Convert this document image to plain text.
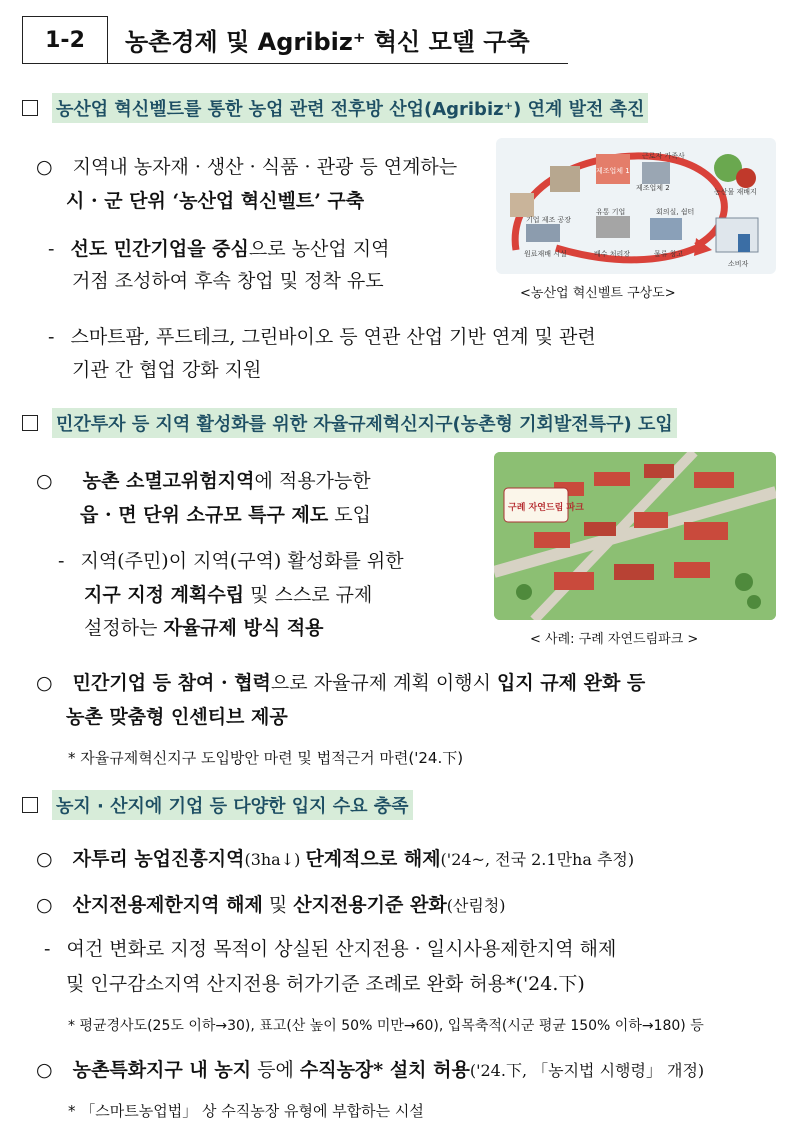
1-2	농촌경제 및 Agribiz⁺ 혁신 모델 구축
농산업 혁신벨트를 통한 농업 관련 전후방 산업(Agribiz⁺) 연계 발전 촉진
○ 지역내 농자재 · 생산 · 식품 · 관광 등 연계하는
시 · 군 단위 ‘농산업 혁신벨트’ 구축
- 선도 민간기업을 중심으로 농산업 지역
거점 조성하여 후속 창업 및 정착 유도
제조업체 1
근로자 가족사
제조업체 2	농산물 재배지
기업 제조 공장
유통 기업	회의실, 쉼터
원료재배 시설	배수 처리장	물류 창고
소비자
<농산업 혁신벨트 구상도>
- 스마트팜, 푸드테크, 그린바이오 등 연관 산업 기반 연계 및 관련
기관 간 협업 강화 지원
민간투자 등 지역 활성화를 위한 자율규제혁신지구(농촌형 기회발전특구) 도입
○ 농촌 소멸고위험지역에 적용가능한
읍 · 면 단위 소규모 특구 제도 도입
- 지역(주민)이 지역(구역) 활성화를 위한
지구 지정 계획수립 및 스스로 규제
설정하는 자율규제 방식 적용
구례 자연드림 파크
< 사례: 구례 자연드림파크 >
○ 민간기업 등 참여 · 협력으로 자율규제 계획 이행시 입지 규제 완화 등
농촌 맞춤형 인센티브 제공
* 자율규제혁신지구 도입방안 마련 및 법적근거 마련('24.下)
농지 · 산지에 기업 등 다양한 입지 수요 충족
○ 자투리 농업진흥지역(3ha↓) 단계적으로 해제('24~, 전국 2.1만ha 추정)
○ 산지전용제한지역 해제 및 산지전용기준 완화(산림청)
- 여건 변화로 지정 목적이 상실된 산지전용 · 일시사용제한지역 해제
및 인구감소지역 산지전용 허가기준 조례로 완화 허용*('24.下)
* 평균경사도(25도 이하→30), 표고(산 높이 50% 미만→60), 입목축적(시군 평균 150% 이하→180) 등
○ 농촌특화지구 내 농지 등에 수직농장* 설치 허용('24.下, 「농지법 시행령」 개정)
* 「스마트농업법」 상 수직농장 유형에 부합하는 시설
